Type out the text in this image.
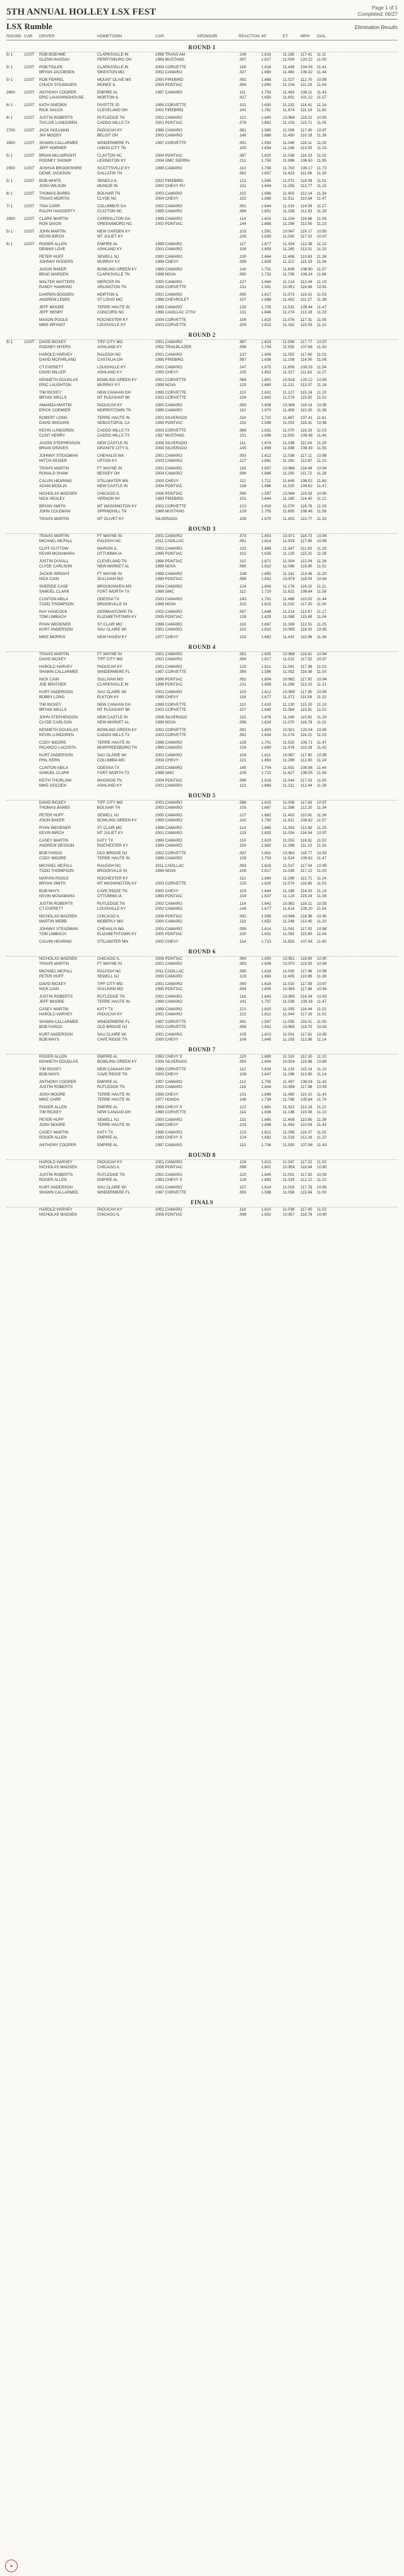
5TH ANNUAL HOLLEY LSX FEST	Page 1 of 1
Completed: 06/27
LSX Rumble	Elimination Results
ROUND CAR	DRIVER	HOMETOWN	CAR	SPONSOR	REACTION 60'	ET	MPH	DIAL
ROUND 1
5/ 1	1/2ST	ROB BOEHME	CLARKSVILLE IN	1998 TRANS AM	.149	1.616	11.185	117.41	11.11
GLENN NASSAU	PERRYSBURG OH	1969 MUSTANG	.097	1.627	11.004	120.22	11.00
5/ 1	1/2ST	ROB FIDLER	CLARKSVILLE IN	2004 CORVETTE	.118	1.618	11.449	104.06	11.41
BRYAN JACOBSEN	SIKESTON MO	2002 CAMARO	.027	1.680	11.460	106.32	11.44
5/ 1	1/2ST	ROB FERREL	MOUNT OLIVE MS	2000 FIREBIRD	.092	1.668	11.027	112.70	10.99
CHUCK STILWAGEN	MONEE IL	2004 PONTIAC	.089	1.690	11.104	111.29	11.04
2600	1/2ST	ANTHONY COOPER	EMPIRE AL	1997 CAMARO	.111	1.703	11.493	108.11	11.43
ERIC LAUGHINGHOUSE	MORTON IL	.027	1.650	11.601	101.22	11.57
6/ 1	1/2ST	KATH SNEDEN	FAYETTE ID	1995 CORVETTE	.101	1.630	11.232	114.41	11.16
RICK SAUCK	CLEVELAND OH	2002 FIREBIRD	.141	1.761	11.874	111.19	11.82
6/ 1	1/2ST	JUSTIN ROBERTS	RUTLEDGE TN	2002 CAMARO	.112	1.640	10.988	118.22	10.93
TAYLOR LUNDGREN	CADDO MILLS TX	2001 PONTIAC	.076	1.652	11.103	115.71	11.05
2700	1/2ST	JACK HOLLMAN	PADUCAH KY	1998 CAMARO	.081	1.580	11.009	117.40	10.97
JAY MOODY	BELOIT OH	2003 CAMARO	.149	1.688	11.450	110.18	11.38
2800	1/2ST	SHAWN CALLARMEE	WINDERMERE FL	1997 CORVETTE	.091	1.593	11.049	116.11	11.00
JEFF HORNER	UNION CITY TN	.100	1.654	11.246	113.05	11.19
5/ 1	1/2ST	BRIAN MILLWRIGHT	CLAYTON NC	2004 PONTIAC	.087	1.620	11.038	116.23	11.02
RODNEY SHOWP	LEXINGTON KY	2004 GMC SIERRA	.211	1.750	11.998	106.50	11.95
2900	1/2ST	JOSHUA BROOKSHIRE	SCOTTSVILLE KY	1998 CAMARO	.113	1.706	11.763	109.17	11.73
DENIE JACKSON	GALLATIN TN	.062	1.657	11.423	111.06	11.39
5/ 1	1/2ST	BOB WHITE	SENECA IL	2002 FIREBIRD	.121	1.595	11.071	118.09	11.01
JOSH WILSON	MUNCIE IN	2000 CHEVY PU	.131	1.644	11.205	113.77	11.15
6/ 1	1/2ST	THOMAS BARBS	BOLIVAR TN	2003 CAMARO	.102	1.668	11.402	112.14	11.34
TRAVIS MORTIN	CLYDE NC	2004 CHEVY	.152	1.689	11.511	110.64	11.47
7/ 1	1/2ST	TINA CARR	COLUMBUS GA	2002 CAMARO	.091	1.644	11.310	114.09	11.27
RALPH HAGGERTY	CLAYTON NC	1999 CAMARO	.084	1.651	11.328	112.93	11.29
2900	1/2ST	CLARK MARTIN	CARROLLTON GA	1998 CAMARO	.114	1.615	11.104	116.66	11.08
RON DIXON	GREENSBORO NC	2002 PONTIAC	.144	1.688	11.296	113.55	11.23
5/ 1	1/2ST	JOHN MARTIN	NEW GARDEN KY	.103	1.591	10.947	119.17	10.93
KEVIN BIRCH	MT JULIET KY	.135	1.630	11.030	117.02	10.97
6/ 1	1/2ST	ROGER ALLEN	EMPIRE AL	1999 CAMARO	.117	1.677	11.304	112.38	11.22
DENNIS LOVE	ASHLAND KY	2001 CAMARO	.108	1.659	11.265	113.01	11.20
PETER HUFF	SEWELL NJ	2000 CAMARO	.130	1.664	11.406	110.83	11.36
JOHNNY ROGERS	MURRAY KY	1998 CHEVY	.099	1.628	11.112	115.19	11.06
JASON BAKER	BOWLING GREEN KY	1999 CAMARO	.140	1.701	11.608	108.90	11.57
BRAD WARDEN	CLARKSVILLE TN	1998 NOVA	.090	1.733	11.706	106.24	11.66
WALTER WATTERS	MERCER PA	2000 CAMARO	.127	1.664	11.214	112.44	11.15
RANDY HAWKINS	ARLINGTON TN	2008 CORVETTE	.131	1.591	10.951	118.66	10.91
DARREN BOGDEN	MORTON IL	2001 CAMARO	.095	1.617	11.073	116.02	11.03
ANDREW LEWIS	ST LOUIS MO	1998 CHEVROLET	.107	1.688	11.402	111.37	11.38
JEFF MOORE	TERRE HAUTE IN	1999 CAMARO	.139	1.705	11.532	109.44	11.47
JEFF HENRY	CONCORD NC	1999 CADILLAC CTSV	.131	1.646	11.274	113.18	11.20
MASON POOLE	ROCHESTER KY	2004 CORVETTE	.106	1.615	11.076	117.31	11.05
MIKE BRYANT	LOUISVILLE KY	2003 CORVETTE	.209	1.622	11.162	115.03	11.10
ROUND 2
9/ 1	1/2ST	DAVID BICKEY	TIFF CITY MO	2001 CAMARO	.087	1.619	11.006	117.77	10.97
RODNEY MYERS	ASHLAND KY	2002 TRAILBLAZER	.098	1.704	11.555	107.66	11.50
HAROLD HARVEY	RALEIGH NC	2001 CAMARO	.137	1.609	11.052	117.60	11.02
DAVID MCFARLAND	CASTALIA OH	1998 FIREBIRD	.087	1.636	11.108	114.90	11.06
CT EVERETT	LOUISVILLE KY	2002 CAMARO	.147	1.675	11.609	109.29	11.54
DAVID MILLER	ASHLAND KY	2000 CHEVY	.105	1.653	11.317	111.63	11.27
KENNETH DOUGLAS	BOWLING GREEN KY	2001 CORVETTE	.089	1.601	10.918	120.12	10.89
ERIC LAUGHTON	MURRAY KY	1998 NOVA	.120	1.669	11.211	113.37	11.16
TIM RICKEY	NEW CANAAN OH	1999 CORVETTE	.113	1.631	11.127	115.24	11.10
BRYAN WELLS	MT PLEASANT MI	2002 CORVETTE	.104	1.642	11.079	115.92	11.02
AMANDA MARTIN	PADUCAH KY	2000 CAMARO	.093	1.608	10.998	118.14	10.95
ERICK CORMIER	MORRISTOWN TN	1999 CAMARO	.110	1.670	11.409	110.30	11.36
ROBERT LONG	TERRE HAUTE IN	2001 SILVERADO	.114	1.722	11.667	107.41	11.61
DAVID WIGGINS	SEBASTOPOL CA	1999 PONTIAC	.152	1.599	11.002	118.31	10.96
KEVIN LUNDGREN	CADDO MILLS TX	2003 CORVETTE	.088	1.631	11.070	116.33	11.03
CLINT HENRY	CADDO MILLS TX	1997 MUSTANG	.131	1.698	11.502	109.48	11.44
JASON STEPHENSON	NEW CASTLE IN	2008 SILVERADO	.111	1.674	11.336	111.04	11.29
BRIAN GRAVES	GRANITE CITY IL	2004 SILVERADO	.145	1.699	11.598	108.39	11.55
JOHNNY STEADMAN	CHEHALIS WA	2001 CAMARO	.093	1.612	11.038	117.11	10.98
MITCH KEISER	UPTON KY	2003 CAMARO	.127	1.661	11.281	112.87	11.23
TRAVIS MARTIN	FT WAYNE IN	2001 CAMARO	.118	1.607	10.986	118.49	10.94
RONALD SHAW	BESSEY OH	2004 CAMARO	.096	1.666	11.330	111.72	11.28
CALVIN HEARING	STILLWATER MN	2000 CHEVY	.112	1.711	11.649	108.02	11.60
ADAM MODLIN	NEW CASTLE IN	2004 PONTIAC	.138	1.688	11.520	109.62	11.47
NICHOLAS MADSEN	CHICAGO IL	2006 PONTIAC	.090	1.597	10.944	119.03	10.90
NICK HEALEY	VERNON NY	1999 FIREBIRD	.101	1.644	11.160	114.40	11.12
BRYAN SMITH	MT WASHINGTON KY	2003 CORVETTE	.123	1.619	11.070	116.76	11.03
JOHN COLEMAN	SPRINGHILL TN	1966 MUSTANG	.129	1.705	11.605	108.46	11.56
TRAVIS MARTIN	MT OLIVET KY	SILVERADO	.106	1.670	11.402	110.77	11.33
ROUND 3
TRAVIS MARTIN	FT WAYNE IN	2001 CAMARO	.073	1.603	10.971	118.73	10.94
MICHAEL MCFALL	RALEIGH NC	2011 CADILLAC	.091	1.614	11.023	117.65	10.99
CLIFF GUTTOW	MARION IL	2002 CAMARO	.133	1.689	11.347	111.93	11.29
KEVIN MCNAMARA	OTTUMWA IA	1999 PONTIAC	.102	1.635	11.120	115.31	11.08
JUSTIN DUVALL	CLEVELAND TN	1998 PONTIAC	.110	1.671	11.304	112.04	11.26
CLYDE CARLSON	NEW MARKET AL	1998 NOVA	.095	1.622	11.066	116.90	11.02
JACKIE WRIGHT	FT WAYNE IN	1999 CAMARO	.138	1.655	11.241	113.46	11.20
NICK CAIN	SULLIVAN MO	1999 PONTIAC	.089	1.602	10.979	118.04	10.94
SHERIDE CASE	BROOKHAVEN MS	2004 CAMARO	.124	1.643	11.176	114.22	11.11
SAMUEL CLARK	FORT WORTH TX	1998 GMC	.112	1.719	11.621	108.64	11.58
CLINTON ABILA	ODESSA TX	2003 CAMARO	.143	1.701	11.496	110.02	11.44
TODD THOMPSON	BROOKVILLE IN	1996 NOVA	.103	1.615	11.032	117.20	11.00
RAY HANCOCK	GERMANTOWN TN	2002 CAMARO	.097	1.648	11.214	113.67	11.17
TOM LIMBACH	ELIZABETHTOWN KY	2005 PONTIAC	.128	1.629	11.088	115.89	11.04
RYAN WEGENER	ST CLAIR MO	1998 CAMARO	.116	1.667	11.308	112.51	11.25
KURT ANDERSON	SAU CLAIRE WI	2001 CAMARO	.101	1.610	10.995	118.02	10.95
MIKE MORRIS	NEW HAVEN KY	1977 CHEVY	.133	1.682	11.410	110.96	11.36
ROUND 4
TRAVIS MARTIN	FT WAYNE IN	2001 CAMARO	.081	1.605	10.968	118.61	10.94
DAVID BICKEY	TIFF CITY MO	2001 CAMARO	.094	1.617	11.012	117.52	10.97
HAROLD HARVEY	PADUCAH KY	2001 CAMARO	.120	1.611	11.041	117.36	11.02
SHAWN CALLARMEE	WINDERMERE FL	1997 CORVETTE	.089	1.596	11.052	116.08	11.00
NICK CAIN	SULLIVAN MO	1999 PONTIAC	.092	1.604	10.982	117.92	10.94
JOE BRATHER	CLARKSVILLE IN	1998 PONTIAC	.131	1.658	11.266	113.15	11.21
KURT ANDERSON	SAU CLAIRE WI	2001 CAMARO	.103	1.612	10.999	117.85	10.95
BOBBY LONG	ELKTON KY	1999 CHEVY	.118	1.677	11.372	111.58	11.32
TIM RICKEY	NEW CANAAN OH	1999 CORVETTE	.110	1.633	11.130	115.20	11.10
BRYAN WELLS	MT PLEASANT MI	2002 CORVETTE	.107	1.645	11.084	115.81	11.02
JOHN STEPHENSON	NEW CASTLE IN	2008 SILVERADO	.115	1.676	11.340	110.92	11.29
CLYDE CARLSON	NEW MARKET AL	1998 NOVA	.098	1.624	11.070	116.78	11.02
KENNETH DOUGLAS	BOWLING GREEN KY	2001 CORVETTE	.091	1.603	10.921	120.04	10.89
KEVIN LUNDGREN	CADDO MILLS TX	2003 CORVETTE	.092	1.634	11.074	116.21	11.03
CODY MOORE	TERRE HAUTE IN	1998 CAMARO	.126	1.701	11.520	109.71	11.47
RICARDO LACOSTA	MURFREESBORO TN	1999 CAMARO	.134	1.690	11.476	110.28	11.42
KURT ANDERSON	SAU CLAIRE WI	2001 CAMARO	.104	1.611	10.997	117.90	10.95
PHIL KERN	COLUMBIA MO	2004 CHEVY	.121	1.663	11.289	112.60	11.24
CLINTON ABILA	ODESSA TX	2003 CAMARO	.140	1.704	11.501	109.96	11.44
SAMUEL CLARK	FORT WORTH TX	1998 GMC	.109	1.722	11.627	108.55	11.58
KEITH THURLOW	MADISON TN	2004 PONTIAC	.096	1.618	11.044	117.03	11.00
MIKE GOLDEN	ASHLAND KY	2001 CAMARO	.113	1.669	11.311	112.44	11.26
ROUND 5
DAVID BICKEY	TIFF CITY MO	2001 CAMARO	.088	1.615	11.008	117.63	10.97
THOMAS BARBS	BOLIVAR TN	2003 CAMARO	.105	1.667	11.398	112.20	11.34
PETER HUFF	SEWELL NJ	2000 CAMARO	.127	1.662	11.402	110.91	11.36
ASON BAKER	BOWLING GREEN KY	1999 CAMARO	.142	1.700	11.611	108.82	11.57
RYAN WEGENER	ST CLAIR MO	1998 CAMARO	.114	1.665	11.303	112.60	11.25
KEVIN BIRCH	MT JULIET KY	2001 CAMARO	.133	1.632	11.034	116.94	10.97
CASEY MARTIN	KATY TX	1999 CAMARO	.119	1.619	11.052	116.51	11.02
ANDREW DESSON	ROCHESTER KY	1999 CAMARO	.150	1.682	11.398	111.10	11.33
BOB FARGO	OLD BRIDGE NJ	2002 CORVETTE	.097	1.601	10.962	118.77	10.93
CODY MOORE	TERRE HAUTE IN	1998 CAMARO	.128	1.703	11.524	109.62	11.47
MICHAEL MCFALL	RALEIGH NC	2011 CADILLAC	.093	1.616	11.027	117.54	10.99
TODD THOMPSON	BROOKVILLE IN	1996 NOVA	.106	1.617	11.036	117.12	11.00
MARVIN POOLE	ROCHESTER KY	.112	1.660	11.299	112.71	11.24
BRYAN SMITH	MT WASHINGTON KY	2003 CORVETTE	.125	1.620	11.074	116.65	11.03
BOB MAYS	CAVE RIDGE TN	2000 CHEVY	.103	1.644	11.189	114.03	11.14
KEVIN MCNAMARA	OTTUMWA IA	1999 PONTIAC	.104	1.637	11.124	115.24	11.08
JUSTIN ROBERTS	RUTLEDGE TN	2002 CAMARO	.114	1.642	10.992	118.11	10.93
CT EVERETT	LOUISVILLE KY	2002 CAMARO	.149	1.677	11.614	109.20	11.54
NICHOLAS MADSEN	CHICAGO IL	2006 PONTIAC	.092	1.599	10.948	118.96	10.90
MARTIN WEBB	MOBERLY MO	2000 CAMARO	.118	1.652	11.248	113.40	11.20
JOHNNY STEADMAN	CHEHALIS WA	2001 CAMARO	.095	1.614	11.041	117.02	10.98
TOM LIMBACH	ELIZABETHTOWN KY	2005 PONTIAC	.130	1.631	11.092	115.80	11.04
CALVIN HEARING	STILLWATER MN	2000 CHEVY	.114	1.713	11.653	107.94	11.60
ROUND 6
NICHOLAS MADSEN	CHICAGO IL	2006 PONTIAC	.094	1.600	10.951	118.90	10.90
TRAVIS MARTIN	FT WAYNE IN	2001 CAMARO	.083	1.606	10.970	118.55	10.94
MICHAEL MCFALL	RALEIGH NC	2011 CADILLAC	.095	1.618	11.030	117.46	10.99
PETER HUFF	SEWELL NJ	2000 CAMARO	.129	1.663	11.405	110.86	11.36
DAVID BICKEY	TIFF CITY MO	2001 CAMARO	.090	1.616	11.010	117.58	10.97
NICK CAIN	SULLIVAN MO	1999 PONTIAC	.094	1.605	10.985	117.86	10.94
JUSTIN ROBERTS	RUTLEDGE TN	2002 CAMARO	.116	1.643	10.995	118.04	10.93
JEFF MOORE	TERRE HAUTE IN	1999 CAMARO	.141	1.707	11.536	109.38	11.47
CASEY MARTIN	KATY TX	1999 CAMARO	.121	1.620	11.055	116.44	11.02
HAROLD HARVEY	PADUCAH KY	2001 CAMARO	.122	1.612	11.044	117.29	11.02
SHAWN CALLARMEE	WINDERMERE FL	1997 CORVETTE	.091	1.597	11.055	116.01	11.00
BOB FARGO	OLD BRIDGE NJ	2002 CORVETTE	.099	1.602	10.965	118.70	10.93
KURT ANDERSON	SAU CLAIRE WI	2001 CAMARO	.105	1.613	11.001	117.81	10.95
BOB MAYS	CAVE RIDGE TN	2000 CHEVY	.106	1.646	11.193	113.96	11.14
ROUND 7
ROGER ALLEN	EMPIRE AL	1993 CHEVY S	.120	1.680	11.310	112.30	11.22
KENNETH DOUGLAS	BOWLING GREEN KY	2006 SILVERADO	.093	1.604	10.924	119.98	10.89
TIM RICKEY	NEW CANAAN OH	1999 CORVETTE	.112	1.634	11.133	115.14	11.10
BOB MAYS	CAVE RIDGE TN	2000 CHEVY	.108	1.647	11.196	113.90	11.14
ANTHONY COOPER	EMPIRE AL	1997 CAMARO	.113	1.705	11.497	108.04	11.43
JUSTIN ROBERTS	RUTLEDGE TN	2002 CAMARO	.118	1.644	10.998	117.98	10.93
JOSH MOORE	TERRE HAUTE IN	1999 CHEVY	.131	1.696	11.480	110.10	11.43
MIKE CARR	TERRE HAUTE IN	1977 HONDA	.148	1.739	11.788	105.84	11.74
ROGER ALLEN	EMPIRE AL	1993 CHEVY S	.122	1.681	11.313	112.24	11.22
TIM RICKEY	NEW CANAAN OH	1999 CORVETTE	.114	1.636	11.136	115.08	11.10
PETER HUFF	SEWELL NJ	2000 CAMARO	.131	1.665	11.408	110.80	11.36
JOSH MOORE	TERRE HAUTE IN	1999 CHEVY	.133	1.698	11.483	110.04	11.43
CASEY MARTIN	KATY TX	1999 CAMARO	.123	1.621	11.058	116.37	11.02
ROGER ALLEN	EMPIRE AL	1993 CHEVY S	.124	1.682	11.316	112.18	11.22
ANTHONY COOPER	EMPIRE AL	1997 CAMARO	.115	1.706	11.500	107.98	11.43
ROUND 8
HAROLD HARVEY	PADUCAH KY	2001 CAMARO	.124	1.613	11.047	117.22	11.02
NICHOLAS MADSEN	CHICAGO IL	2006 PONTIAC	.096	1.601	10.954	118.84	10.90
JUSTIN ROBERTS	RUTLEDGE TN	2002 CAMARO	.120	1.645	11.001	117.92	10.93
ROGER ALLEN	EMPIRE AL	1993 CHEVY S	.126	1.683	11.319	112.12	11.22
KURT ANDERSON	SAU CLAIRE WI	2001 CAMARO	.107	1.614	11.003	117.76	10.95
SHAWN CALLARMEE	WINDERMERE FL	1997 CORVETTE	.093	1.598	11.058	115.94	11.00
FINALS
HAROLD HARVEY	PADUCAH KY	2001 CAMARO	.118	1.610	11.038	117.40	11.02
NICHOLAS MADSEN	CHICAGO IL	2006 PONTIAC	.098	1.602	10.957	118.78	10.90
●
